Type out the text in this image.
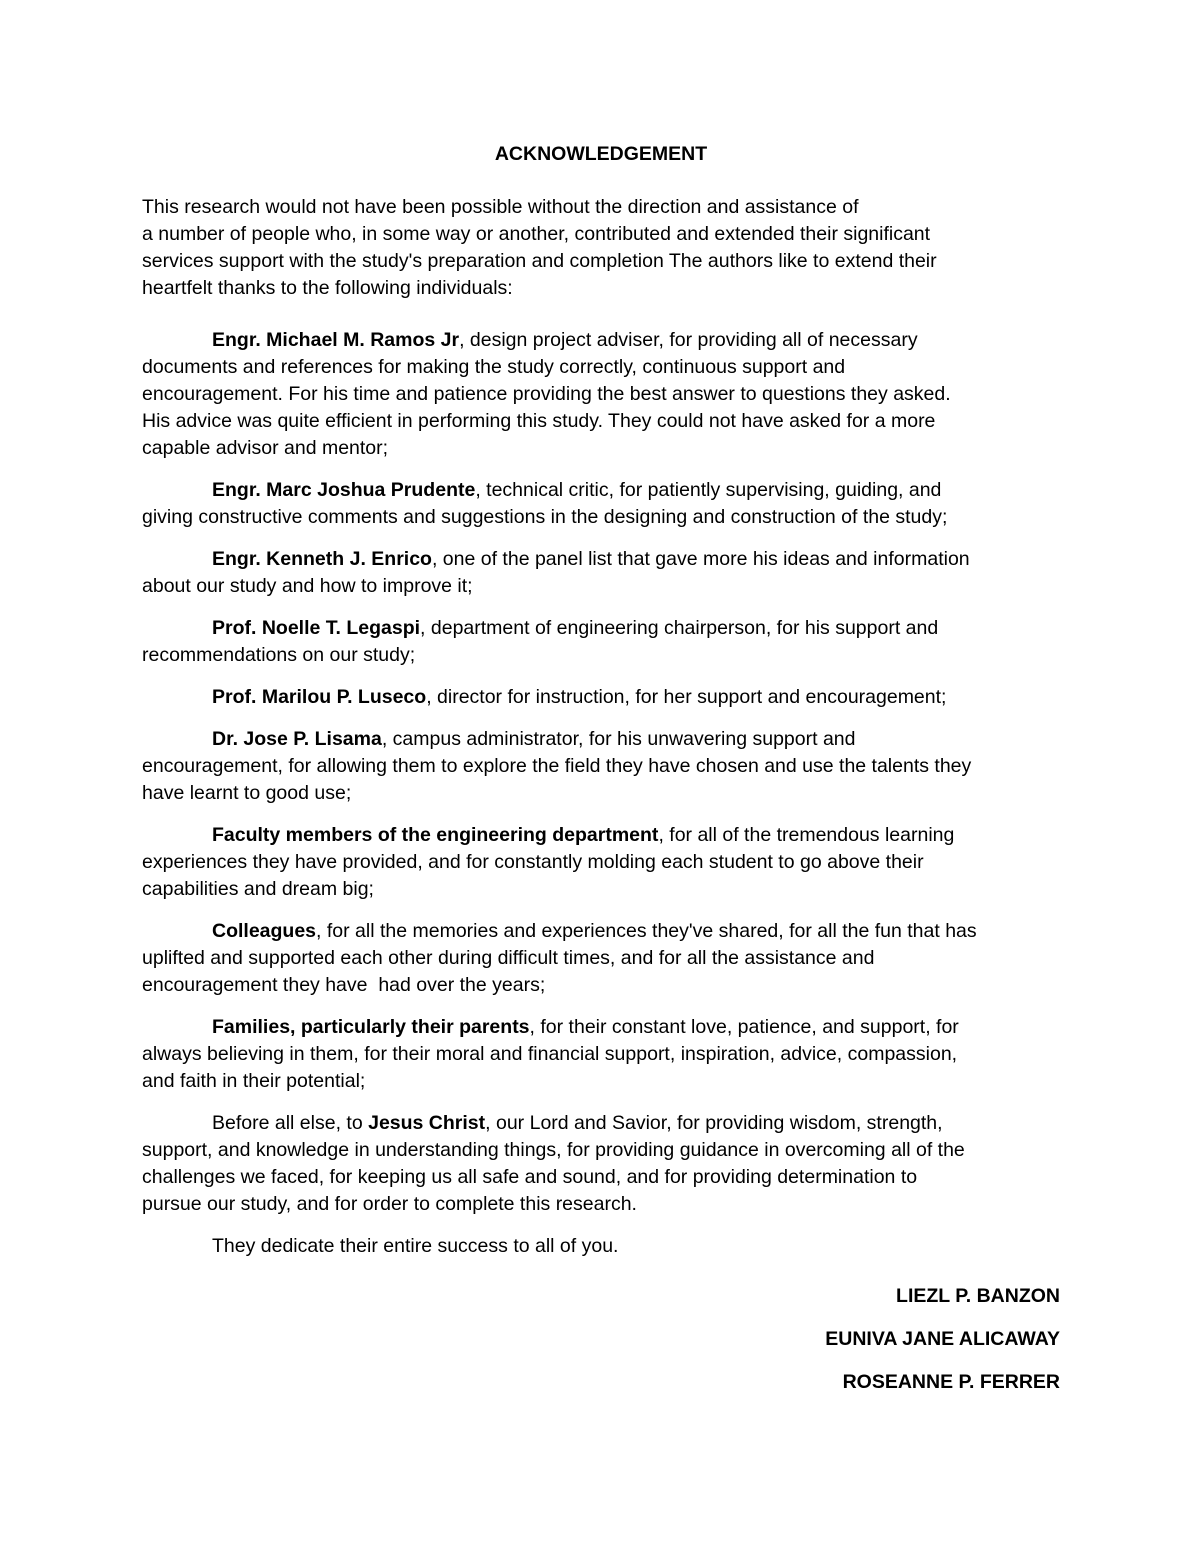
ACKNOWLEDGEMENT
This research would not have been possible without the direction and assistance of
a number of people who, in some way or another, contributed and extended their significant
services support with the study's preparation and completion The authors like to extend their
heartfelt thanks to the following individuals:
Engr. Michael M. Ramos Jr, design project adviser, for providing all of necessary
documents and references for making the study correctly, continuous support and
encouragement. For his time and patience providing the best answer to questions they asked.
His advice was quite efficient in performing this study. They could not have asked for a more
capable advisor and mentor;
Engr. Marc Joshua Prudente, technical critic, for patiently supervising, guiding, and
giving constructive comments and suggestions in the designing and construction of the study;
Engr. Kenneth J. Enrico, one of the panel list that gave more his ideas and information
about our study and how to improve it;
Prof. Noelle T. Legaspi, department of engineering chairperson, for his support and
recommendations on our study;
Prof. Marilou P. Luseco, director for instruction, for her support and encouragement;
Dr. Jose P. Lisama, campus administrator, for his unwavering support and
encouragement, for allowing them to explore the field they have chosen and use the talents they
have learnt to good use;
Faculty members of the engineering department, for all of the tremendous learning
experiences they have provided, and for constantly molding each student to go above their
capabilities and dream big;
Colleagues, for all the memories and experiences they've shared, for all the fun that has
uplifted and supported each other during difficult times, and for all the assistance and
encouragement they have  had over the years;
Families, particularly their parents, for their constant love, patience, and support, for
always believing in them, for their moral and financial support, inspiration, advice, compassion,
and faith in their potential;
Before all else, to Jesus Christ, our Lord and Savior, for providing wisdom, strength,
support, and knowledge in understanding things, for providing guidance in overcoming all of the
challenges we faced, for keeping us all safe and sound, and for providing determination to
pursue our study, and for order to complete this research.
They dedicate their entire success to all of you.
LIEZL P. BANZON
EUNIVA JANE ALICAWAY
ROSEANNE P. FERRER
